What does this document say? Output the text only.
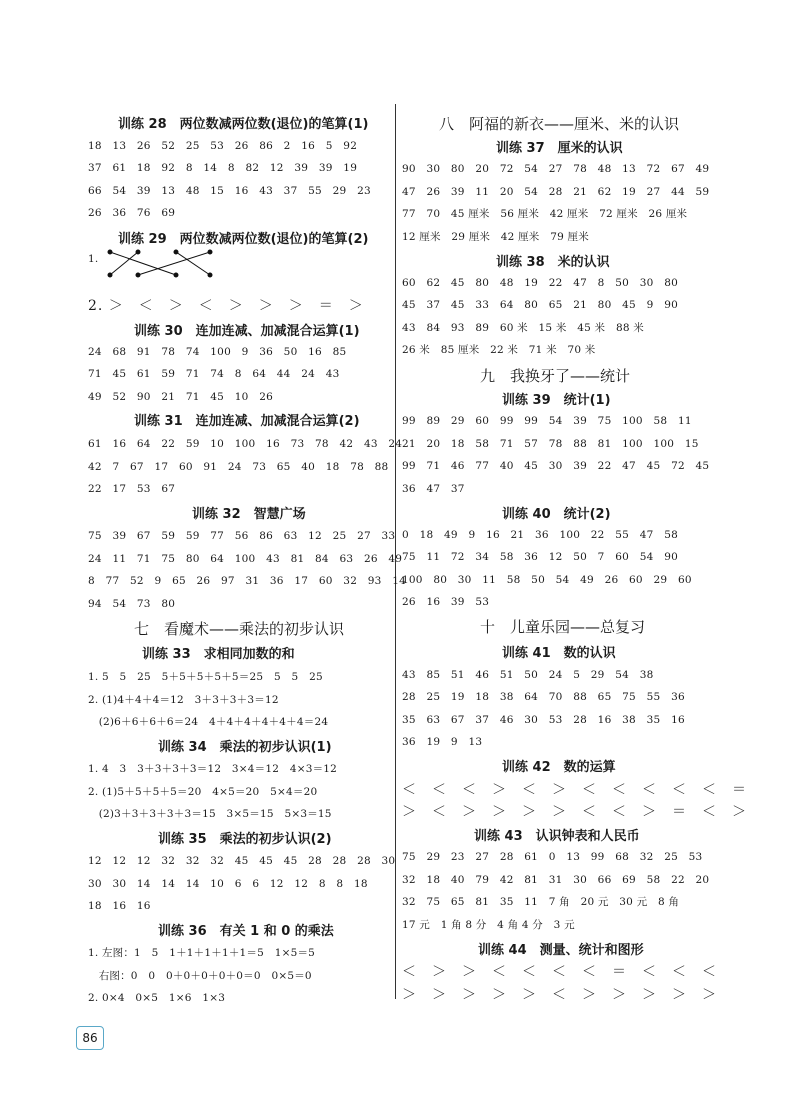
训练 28　两位数减两位数(退位)的笔算(1)
18　13　26　52　25　53　26　86　2　16　5　92
37　61　18　92　8　14　8　82　12　39　39　19
66　54　39　13　48　15　16　43　37　55　29　23
26　36　76　69
训练 29　两位数减两位数(退位)的笔算(2)
1.
2. ＞　＜　＞　＜　＞　＞　＞　＝　＞
训练 30　连加连减、加减混合运算(1)
24　68　91　78　74　100　9　36　50　16　85
71　45　61　59　71　74　8　64　44　24　43
49　52　90　21　71　45　10　26
训练 31　连加连减、加减混合运算(2)
61　16　64　22　59　10　100　16　73　78　42　43　24
42　7　67　17　60　91　24　73　65　40　18　78　88
22　17　53　67
训练 32　智慧广场
75　39　67　59　59　77　56　86　63　12　25　27　33
24　11　71　75　80　64　100　43　81　84　63　26　49
8　77　52　9　65　26　97　31　36　17　60　32　93　14
94　54　73　80
七　看魔术——乘法的初步认识
训练 33　求相同加数的和
1. 5　5　25　5＋5＋5＋5＋5＝25　5　5　25
2. (1)4＋4＋4＝12　3＋3＋3＋3＝12
　(2)6＋6＋6＋6＝24　4＋4＋4＋4＋4＋4＝24
训练 34　乘法的初步认识(1)
1. 4　3　3＋3＋3＋3＝12　3×4＝12　4×3＝12
2. (1)5＋5＋5＋5＝20　4×5＝20　5×4＝20
　(2)3＋3＋3＋3＋3＝15　3×5＝15　5×3＝15
训练 35　乘法的初步认识(2)
12　12　12　32　32　32　45　45　45　28　28　28　30
30　30　14　14　14　10　6　6　12　12　8　8　18
18　16　16
训练 36　有关 1 和 0 的乘法
1. 左图：1　5　1＋1＋1＋1＋1＝5　1×5＝5
　右图：0　0　0＋0＋0＋0＋0＝0　0×5＝0
2. 0×4　0×5　1×6　1×3
八　阿福的新衣——厘米、米的认识
训练 37　厘米的认识
90　30　80　20　72　54　27　78　48　13　72　67　49
47　26　39　11　20　54　28　21　62　19　27　44　59
77　70　45 厘米　56 厘米　42 厘米　72 厘米　26 厘米
12 厘米　29 厘米　42 厘米　79 厘米
训练 38　米的认识
60　62　45　80　48　19　22　47　8　50　30　80
45　37　45　33　64　80　65　21　80　45　9　90
43　84　93　89　60 米　15 米　45 米　88 米
26 米　85 厘米　22 米　71 米　70 米
九　我换牙了——统计
训练 39　统计(1)
99　89　29　60　99　99　54　39　75　100　58　11
21　20　18　58　71　57　78　88　81　100　100　15
99　71　46　77　40　45　30　39　22　47　45　72　45
36　47　37
训练 40　统计(2)
0　18　49　9　16　21　36　100　22　55　47　58
75　11　72　34　58　36　12　50　7　60　54　90
100　80　30　11　58　50　54　49　26　60　29　60
26　16　39　53
十　儿童乐园——总复习
训练 41　数的认识
43　85　51　46　51　50　24　5　29　54　38
28　25　19　18　38　64　70　88　65　75　55　36
35　63　67　37　46　30　53　28　16　38　35　16
36　19　9　13
训练 42　数的运算
＜　＜　＜　＞　＜　＞　＜　＜　＜　＜　＜　＝
＞　＜　＞　＞　＞　＞　＜　＜　＞　＝　＜　＞
训练 43　认识钟表和人民币
75　29　23　27　28　61　0　13　99　68　32　25　53
32　18　40　79　42　81　31　30　66　69　58　22　20
32　75　65　81　35　11　7 角　20 元　30 元　8 角
17 元　1 角 8 分　4 角 4 分　3 元
训练 44　测量、统计和图形
＜　＞　＞　＜　＜　＜　＜　＝　＜　＜　＜
＞　＞　＞　＞　＞　＜　＞　＞　＞　＞　＞
86
